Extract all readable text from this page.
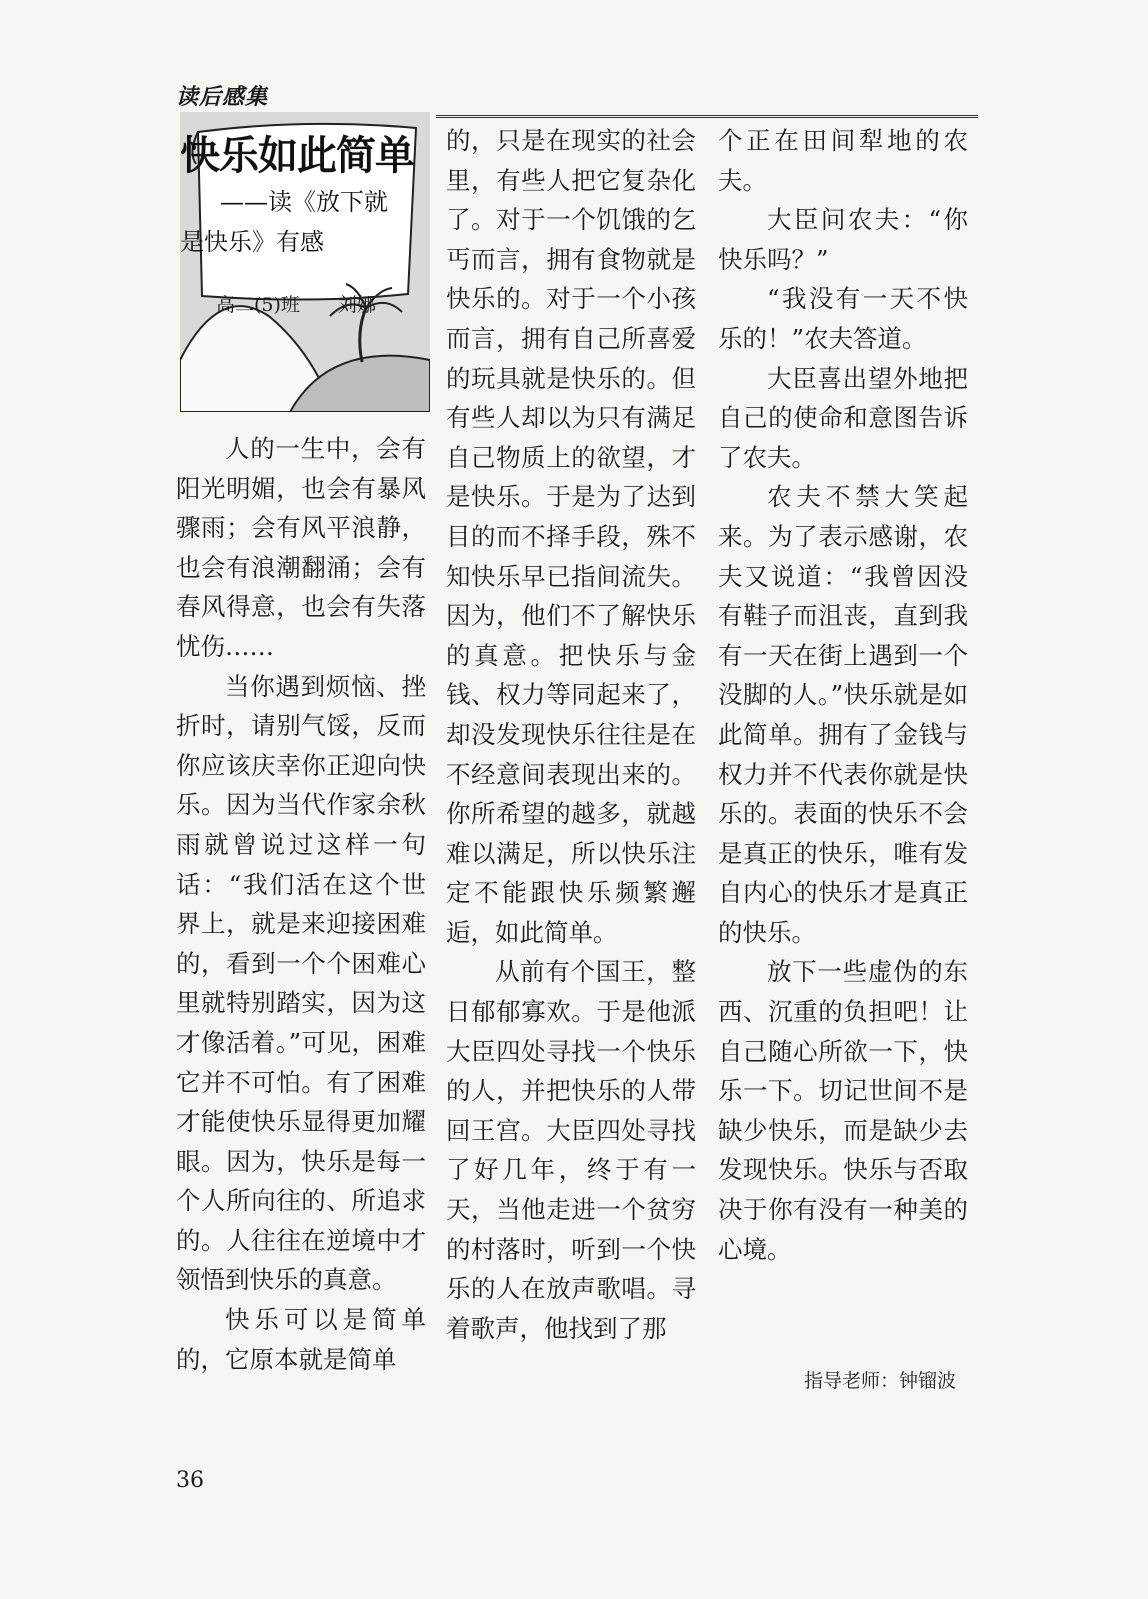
读后感集
快乐如此简单
——读《放下就
是快乐》有感
高二(5)班 刘娜

人的一生中，会有阳光明媚，也会有暴风骤雨；会有风平浪静，也会有浪潮翻涌；会有春风得意，也会有失落忧伤……

当你遇到烦恼、挫折时，请别气馁，反而你应该庆幸你正迎向快乐。因为当代作家余秋雨就曾说过这样一句话：“我们活在这个世界上，就是来迎接困难的，看到一个个困难心里就特别踏实，因为这才像活着。”可见，困难它并不可怕。有了困难才能使快乐显得更加耀眼。因为，快乐是每一个人所向往的、所追求的。人往往在逆境中才领悟到快乐的真意。

快乐可以是简单的，它原本就是简单

的，只是在现实的社会里，有些人把它复杂化了。对于一个饥饿的乞丐而言，拥有食物就是快乐的。对于一个小孩而言，拥有自己所喜爱的玩具就是快乐的。但有些人却以为只有满足自己物质上的欲望，才是快乐。于是为了达到目的而不择手段，殊不知快乐早已指间流失。因为，他们不了解快乐的真意。把快乐与金钱、权力等同起来了，却没发现快乐往往是在不经意间表现出来的。你所希望的越多，就越难以满足，所以快乐注定不能跟快乐频繁邂逅，如此简单。

从前有个国王，整日郁郁寡欢。于是他派大臣四处寻找一个快乐的人，并把快乐的人带回王宫。大臣四处寻找了好几年，终于有一天，当他走进一个贫穷的村落时，听到一个快乐的人在放声歌唱。寻着歌声，他找到了那

个正在田间犁地的农夫。

大臣问农夫：“你快乐吗？”

“我没有一天不快乐的！”农夫答道。

大臣喜出望外地把自己的使命和意图告诉了农夫。

农夫不禁大笑起来。为了表示感谢，农夫又说道：“我曾因没有鞋子而沮丧，直到我有一天在街上遇到一个没脚的人。”快乐就是如此简单。拥有了金钱与权力并不代表你就是快乐的。表面的快乐不会是真正的快乐，唯有发自内心的快乐才是真正的快乐。

放下一些虚伪的东西、沉重的负担吧！让自己随心所欲一下，快乐一下。切记世间不是缺少快乐，而是缺少去发现快乐。快乐与否取决于你有没有一种美的心境。

指导老师：钟镏波
36
